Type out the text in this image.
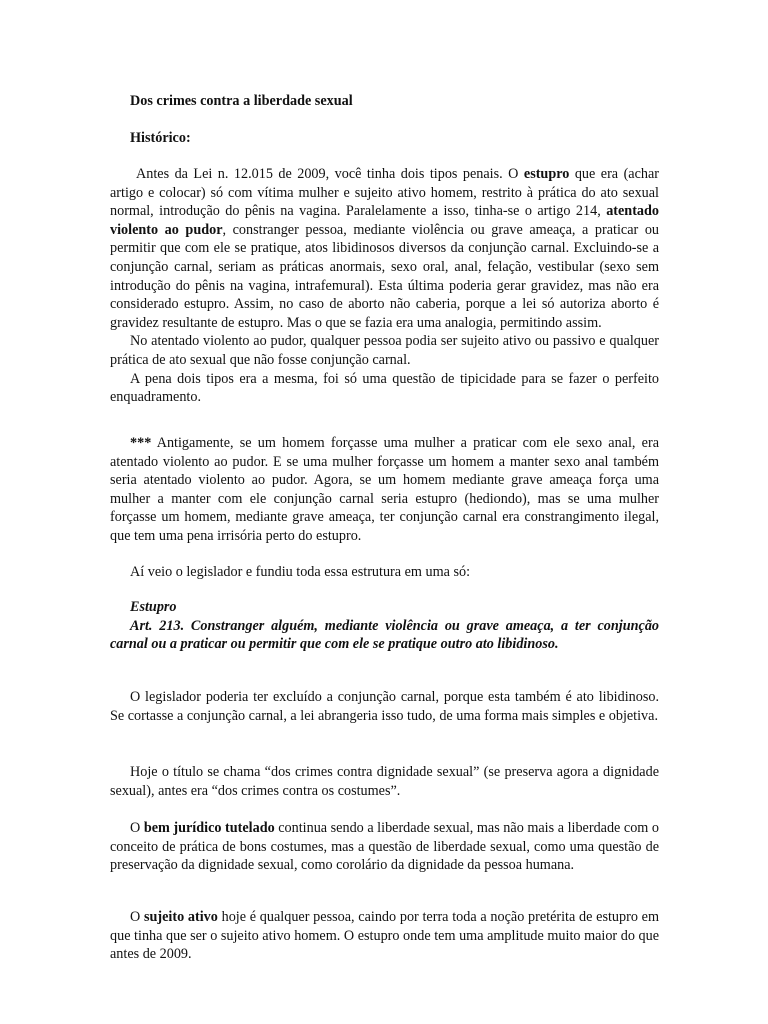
Dos crimes contra a liberdade sexual

Histórico:

Antes da Lei n. 12.015 de 2009, você tinha dois tipos penais. O estupro que era (achar artigo e colocar) só com vítima mulher e sujeito ativo homem, restrito à prática do ato sexual normal, introdução do pênis na vagina. Paralelamente a isso, tinha-se o artigo 214, atentado violento ao pudor, constranger pessoa, mediante violência ou grave ameaça, a praticar ou permitir que com ele se pratique, atos libidinosos diversos da conjunção carnal. Excluindo-se a conjunção carnal, seriam as práticas anormais, sexo oral, anal, felação, vestibular (sexo sem introdução do pênis na vagina, intrafemural). Esta última poderia gerar gravidez, mas não era considerado estupro. Assim, no caso de aborto não caberia, porque a lei só autoriza aborto é gravidez resultante de estupro. Mas o que se fazia era uma analogia, permitindo assim.

No atentado violento ao pudor, qualquer pessoa podia ser sujeito ativo ou passivo e qualquer prática de ato sexual que não fosse conjunção carnal.

A pena dois tipos era a mesma, foi só uma questão de tipicidade para se fazer o perfeito enquadramento.

*** Antigamente, se um homem forçasse uma mulher a praticar com ele sexo anal, era atentado violento ao pudor. E se uma mulher forçasse um homem a manter sexo anal também seria atentado violento ao pudor. Agora, se um homem mediante grave ameaça força uma mulher a manter com ele conjunção carnal seria estupro (hediondo), mas se uma mulher forçasse um homem, mediante grave ameaça, ter conjunção carnal era constrangimento ilegal, que tem uma pena irrisória perto do estupro.

Aí veio o legislador e fundiu toda essa estrutura em uma só:

Estupro

Art. 213. Constranger alguém, mediante violência ou grave ameaça, a ter conjunção carnal ou a praticar ou permitir que com ele se pratique outro ato libidinoso.

O legislador poderia ter excluído a conjunção carnal, porque esta também é ato libidinoso. Se cortasse a conjunção carnal, a lei abrangeria isso tudo, de uma forma mais simples e objetiva.

Hoje o título se chama “dos crimes contra dignidade sexual” (se preserva agora a dignidade sexual), antes era “dos crimes contra os costumes”.

O bem jurídico tutelado continua sendo a liberdade sexual, mas não mais a liberdade com o conceito de prática de bons costumes, mas a questão de liberdade sexual, como uma questão de preservação da dignidade sexual, como corolário da dignidade da pessoa humana.

O sujeito ativo hoje é qualquer pessoa, caindo por terra toda a noção pretérita de estupro em que tinha que ser o sujeito ativo homem. O estupro onde tem uma amplitude muito maior do que antes de 2009.
